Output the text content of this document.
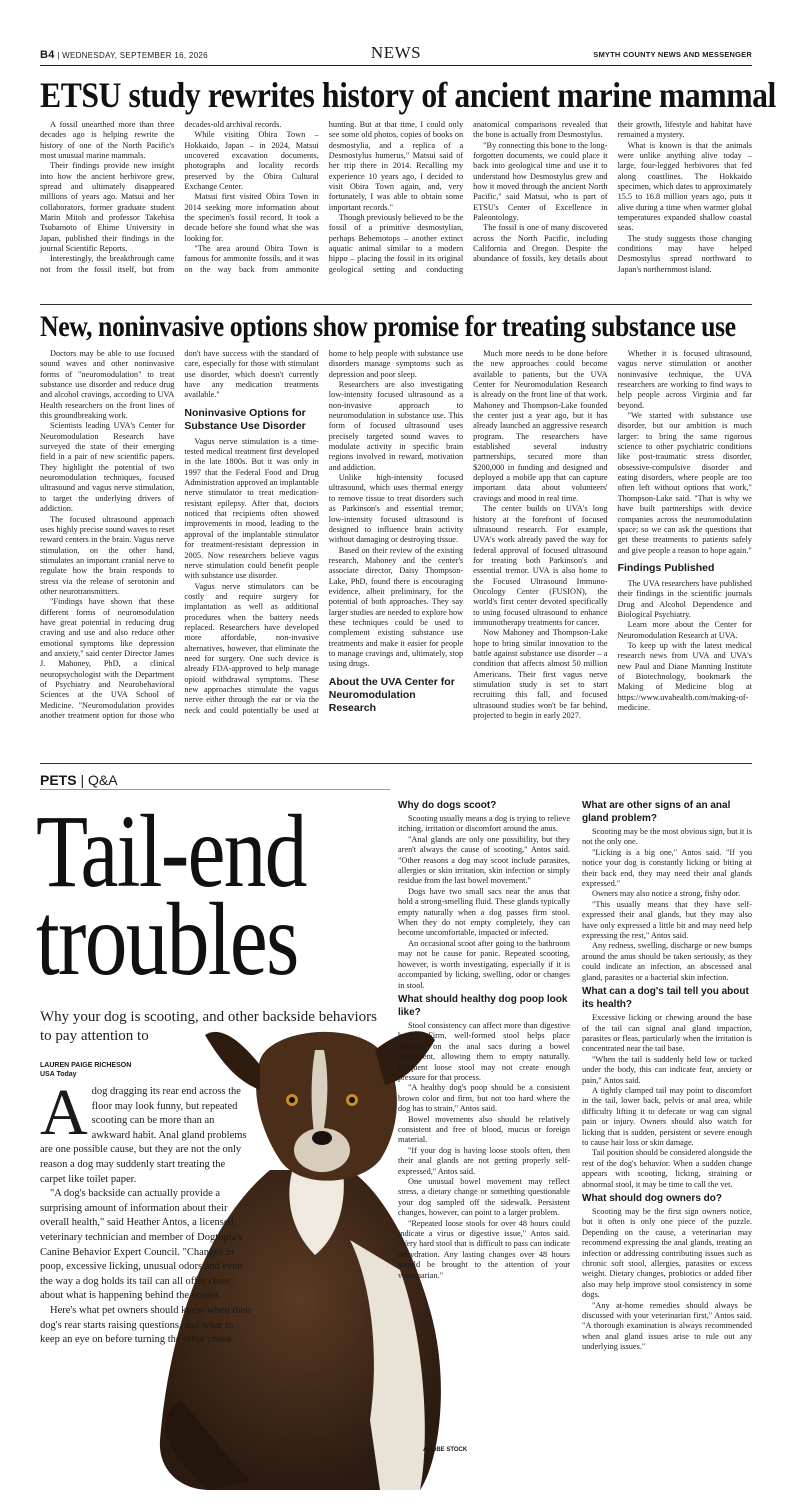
B4 | WEDNESDAY, SEPTEMBER 16, 2026	NEWS	SMYTH COUNTY NEWS AND MESSENGER
ETSU study rewrites history of ancient marine mammal

A fossil unearthed more than three decades ago is helping rewrite the history of one of the North Pacific's most unusual marine mammals.

Their findings provide new insight into how the ancient herbivore grew, spread and ultimately disappeared millions of years ago. Matsui and her collaborators, former graduate student Marin Mitoh and professor Takehisa Tsubamoto of Ehime University in Japan, published their findings in the journal Scientific Reports.

Interestingly, the breakthrough came not from the fossil itself, but from decades-old archival records.

While visiting Obira Town – Hokkaido, Japan – in 2024, Matsui uncovered excavation documents, photographs and locality records preserved by the Obira Cultural Exchange Center.

Matsui first visited Obira Town in 2014 seeking more information about the specimen's fossil record. It took a decade before she found what she was looking for.

"The area around Obira Town is famous for ammonite fossils, and it was on the way back from ammonite hunting. But at that time, I could only see some old photos, copies of books on desmostylia, and a replica of a Desmostylus humerus," Matsui said of her trip there in 2014. Recalling my experience 10 years ago, I decided to visit Obira Town again, and, very fortunately, I was able to obtain some important records."

Though previously believed to be the fossil of a primitive desmostylian, perhaps Behemotops – another extinct aquatic animal similar to a modern hippo – placing the fossil in its original geological setting and conducting anatomical comparisons revealed that the bone is actually from Desmostylus.

"By connecting this bone to the long-forgotten documents, we could place it back into geological time and use it to understand how Desmostylus grew and how it moved through the ancient North Pacific," said Matsui, who is part of ETSU's Center of Excellence in Paleontology.

The fossil is one of many discovered across the North Pacific, including California and Oregon. Despite the abundance of fossils, key details about their growth, lifestyle and habitat have remained a mystery.

What is known is that the animals were unlike anything alive today – large, four-legged herbivores that fed along coastlines. The Hokkaido specimen, which dates to approximately 15.5 to 16.8 million years ago, puts it alive during a time when warmer global temperatures expanded shallow coastal seas.

The study suggests those changing conditions may have helped Desmostylus spread northward to Japan's northernmost island.

New, noninvasive options show promise for treating substance use

Doctors may be able to use focused sound waves and other noninvasive forms of "neuromodulation" to treat substance use disorder and reduce drug and alcohol cravings, according to UVA Health researchers on the front lines of this groundbreaking work.

Scientists leading UVA's Center for Neuromodulation Research have surveyed the state of their emerging field in a pair of new scientific papers. They highlight the potential of two neuromodulation techniques, focused ultrasound and vagus nerve stimulation, to target the underlying drivers of addiction.

The focused ultrasound approach uses highly precise sound waves to reset reward centers in the brain. Vagus nerve stimulation, on the other hand, stimulates an important cranial nerve to regulate how the brain responds to stress via the release of serotonin and other neurotransmitters.

"Findings have shown that these different forms of neuromodulation have great potential in reducing drug craving and use and also reduce other emotional symptoms like depression and anxiety," said center Director James J. Mahoney, PhD, a clinical neuropsychologist with the Department of Psychiatry and Neurobehavioral Sciences at the UVA School of Medicine. "Neuromodulation provides another treatment option for those who don't have success with the standard of care, especially for those with stimulant use disorder, which doesn't currently have any medication treatments available."

Noninvasive Options for Substance Use Disorder

Vagus nerve stimulation is a time-tested medical treatment first developed in the late 1800s. But it was only in 1997 that the Federal Food and Drug Administration approved an implantable nerve stimulator to treat medication-resistant epilepsy. After that, doctors noticed that recipients often showed improvements in mood, leading to the approval of the implantable stimulator for treatment-resistant depression in 2005. Now researchers believe vagus nerve stimulation could benefit people with substance use disorder.

Vagus nerve stimulators can be costly and require surgery for implantation as well as additional procedures when the battery needs replaced. Researchers have developed more affordable, non-invasive alternatives, however, that eliminate the need for surgery. One such device is already FDA-approved to help manage opioid withdrawal symptoms. These new approaches stimulate the vagus nerve either through the ear or via the neck and could potentially be used at home to help people with substance use disorders manage symptoms such as depression and poor sleep.

Researchers are also investigating low-intensity focused ultrasound as a non-invasive approach to neuromodulation in substance use. This form of focused ultrasound uses precisely targeted sound waves to modulate activity in specific brain regions involved in reward, motivation and addiction.

Unlike high-intensity focused ultrasound, which uses thermal energy to remove tissue to treat disorders such as Parkinson's and essential tremor, low-intensity focused ultrasound is designed to influence brain activity without damaging or destroying tissue.

Based on their review of the existing research, Mahoney and the center's associate director, Daisy Thompson-Lake, PhD, found there is encouraging evidence, albeit preliminary, for the potential of both approaches. They say larger studies are needed to explore how these techniques could be used to complement existing substance use treatments and make it easier for people to manage cravings and, ultimately, stop using drugs.

About the UVA Center for Neuromodulation Research

Much more needs to be done before the new approaches could become available to patients, but the UVA Center for Neuromodulation Research is already on the front line of that work. Mahoney and Thompson-Lake founded the center just a year ago, but it has already launched an aggressive research program. The researchers have established several industry partnerships, secured more than $200,000 in funding and designed and deployed a mobile app that can capture important data about volunteers' cravings and mood in real time.

The center builds on UVA's long history at the forefront of focused ultrasound research. For example, UVA's work already paved the way for federal approval of focused ultrasound for treating both Parkinson's and essential tremor. UVA is also home to the Focused Ultrasound Immuno-Oncology Center (FUSION), the world's first center devoted specifically to using focused ultrasound to enhance immunotherapy treatments for cancer.

Now Mahoney and Thompson-Lake hope to bring similar innovation to the battle against substance use disorder – a condition that affects almost 50 million Americans. Their first vagus nerve stimulation study is set to start recruiting this fall, and focused ultrasound studies won't be far behind, projected to begin in early 2027.

Whether it is focused ultrasound, vagus nerve stimulation or another noninvasive technique, the UVA researchers are working to find ways to help people across Virginia and far beyond.

"We started with substance use disorder, but our ambition is much larger: to bring the same rigorous science to other psychiatric conditions like post-traumatic stress disorder, obsessive-compulsive disorder and eating disorders, where people are too often left without options that work," Thompson-Lake said. "That is why we have built partnerships with device companies across the neuromodulation space; so we can ask the questions that get these treatments to patients safely and give people a reason to hope again."

Findings Published

The UVA researchers have published their findings in the scientific journals Drug and Alcohol Dependence and Biological Psychiatry.

Learn more about the Center for Neuromodulation Research at UVA.

To keep up with the latest medical research news from UVA and UVA's new Paul and Diane Manning Institute of Biotechnology, bookmark the Making of Medicine blog at https://www.uvahealth.com/making-of-medicine.

PETS | Q&A
Tail-end
troubles
Why your dog is scooting, and other backside behaviors to pay attention to
LAUREN PAIGE RICHESON
USA Today
A dog dragging its rear end across the floor may look funny, but repeated scooting can be more than an awkward habit. Anal gland problems are one possible cause, but they are not the only reason a dog may suddenly start treating the carpet like toilet paper.

"A dog's backside can actually provide a surprising amount of information about their overall health," said Heather Antos, a licensed veterinary technician and member of Dogtopia's Canine Behavior Expert Council. "Changes in poop, excessive licking, unusual odors and even the way a dog holds its tail can all offer clues about what is happening behind the scenes.

Here's what pet owners should know when their dog's rear starts raising questions, and what to keep an eye on before turning the other cheek.

Why do dogs scoot?

Scooting usually means a dog is trying to relieve itching, irritation or discomfort around the anus.

"Anal glands are only one possibility, but they aren't always the cause of scooting," Antos said. "Other reasons a dog may scoot include parasites, allergies or skin irritation, skin infection or simply residue from the last bowel movement."

Dogs have two small sacs near the anus that hold a strong-smelling fluid. These glands typically empty naturally when a dog passes firm stool. When they do not empty completely, they can become uncomfortable, impacted or infected.

An occasional scoot after going to the bathroom may not be cause for panic. Repeated scooting, however, is worth investigating, especially if it is accompanied by licking, swelling, odor or changes in stool.

What should healthy dog poop look like?

Stool consistency can affect more than digestive health. Firm, well-formed stool helps place pressure on the anal sacs during a bowel movement, allowing them to empty naturally. Frequent loose stool may not create enough pressure for that process.

"A healthy dog's poop should be a consistent brown color and firm, but not too hard where the dog has to strain," Antos said.

Bowel movements also should be relatively consistent and free of blood, mucus or foreign material.

"If your dog is having loose stools often, then their anal glands are not getting properly self-expressed," Antos said.

One unusual bowel movement may reflect stress, a dietary change or something questionable your dog sampled off the sidewalk. Persistent changes, however, can point to a larger problem.

"Repeated loose stools for over 48 hours could indicate a virus or digestive issue," Antos said. "Very hard stool that is difficult to pass can indicate dehydration. Any lasting changes over 48 hours should be brought to the attention of your veterinarian."

What are other signs of an anal gland problem?

Scooting may be the most obvious sign, but it is not the only one.

"Licking is a big one," Antos said. "If you notice your dog is constantly licking or biting at their back end, they may need their anal glands expressed."

Owners may also notice a strong, fishy odor.

"This usually means that they have self-expressed their anal glands, but they may also have only expressed a little bit and may need help expressing the rest," Antos said.

Any redness, swelling, discharge or new bumps around the anus should be taken seriously, as they could indicate an infection, an abscessed anal gland, parasites or a bacterial skin infection.

What can a dog's tail tell you about its health?

Excessive licking or chewing around the base of the tail can signal anal gland impaction, parasites or fleas, particularly when the irritation is concentrated near the tail base.

"When the tail is suddenly held low or tucked under the body, this can indicate fear, anxiety or pain," Antos said.

A tightly clamped tail may point to discomfort in the tail, lower back, pelvis or anal area, while difficulty lifting it to defecate or wag can signal pain or injury. Owners should also watch for licking that is sudden, persistent or severe enough to cause hair loss or skin damage.

Tail position should be considered alongside the rest of the dog's behavior. When a sudden change appears with scooting, licking, straining or abnormal stool, it may be time to call the vet.

What should dog owners do?

Scooting may be the first sign owners notice, but it often is only one piece of the puzzle. Depending on the cause, a veterinarian may recommend expressing the anal glands, treating an infection or addressing contributing issues such as chronic soft stool, allergies, parasites or excess weight. Dietary changes, probiotics or added fiber also may help improve stool consistency in some dogs.

"Any at-home remedies should always be discussed with your veterinarian first," Antos said. "A thorough examination is always recommended when anal gland issues arise to rule out any underlying issues."

ADOBE STOCK
